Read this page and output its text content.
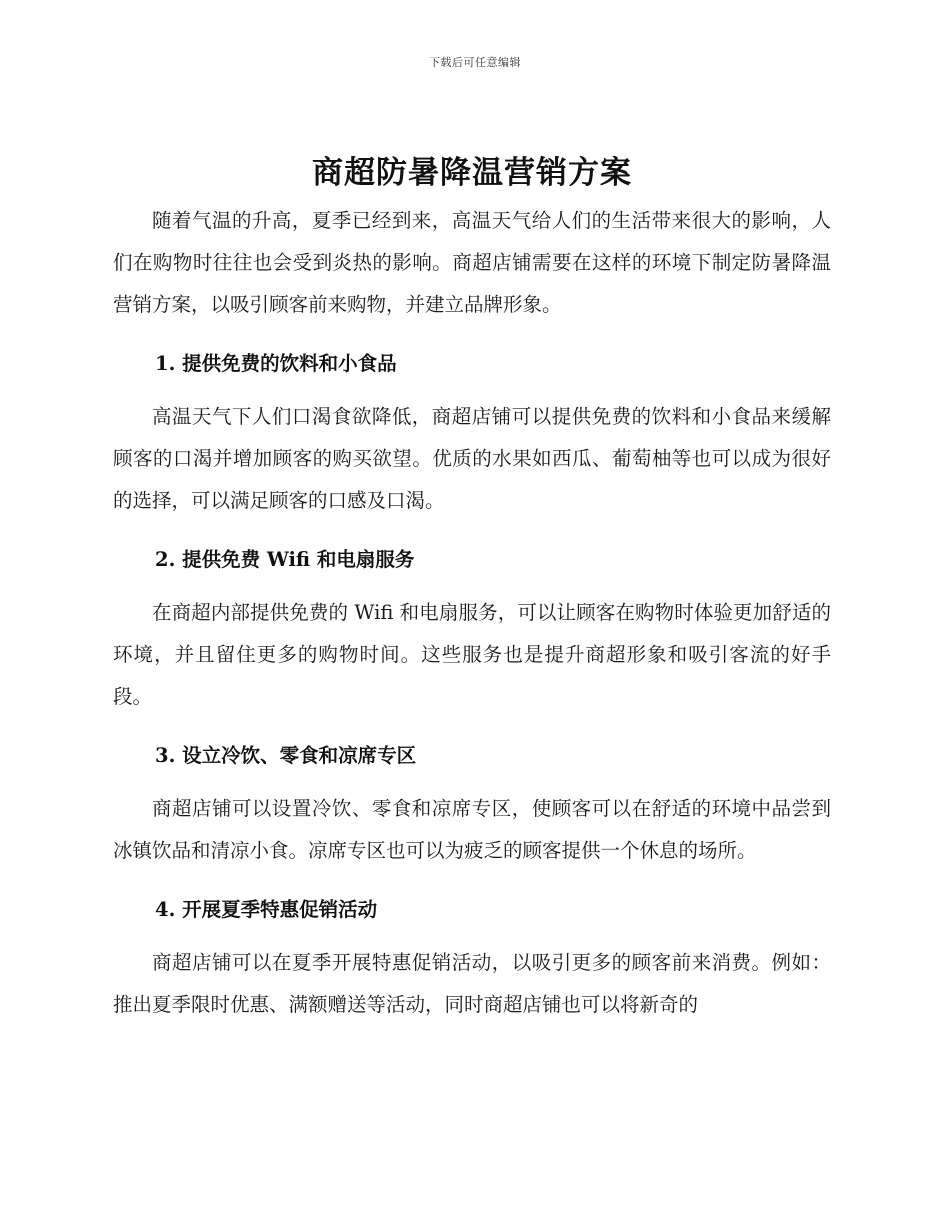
下载后可任意编辑
商超防暑降温营销方案

随着气温的升高，夏季已经到来，高温天气给人们的生活带来很大的影响，人们在购物时往往也会受到炎热的影响。商超店铺需要在这样的环境下制定防暑降温营销方案，以吸引顾客前来购物，并建立品牌形象。

1. 提供免费的饮料和小食品

高温天气下人们口渴食欲降低，商超店铺可以提供免费的饮料和小食品来缓解顾客的口渴并增加顾客的购买欲望。优质的水果如西瓜、葡萄柚等也可以成为很好的选择，可以满足顾客的口感及口渴。

2. 提供免费 Wifi 和电扇服务

在商超内部提供免费的 Wifi 和电扇服务，可以让顾客在购物时体验更加舒适的环境，并且留住更多的购物时间。这些服务也是提升商超形象和吸引客流的好手段。

3. 设立冷饮、零食和凉席专区

商超店铺可以设置冷饮、零食和凉席专区，使顾客可以在舒适的环境中品尝到冰镇饮品和清凉小食。凉席专区也可以为疲乏的顾客提供一个休息的场所。

4. 开展夏季特惠促销活动

商超店铺可以在夏季开展特惠促销活动，以吸引更多的顾客前来消费。例如：推出夏季限时优惠、满额赠送等活动，同时商超店铺也可以将新奇的
